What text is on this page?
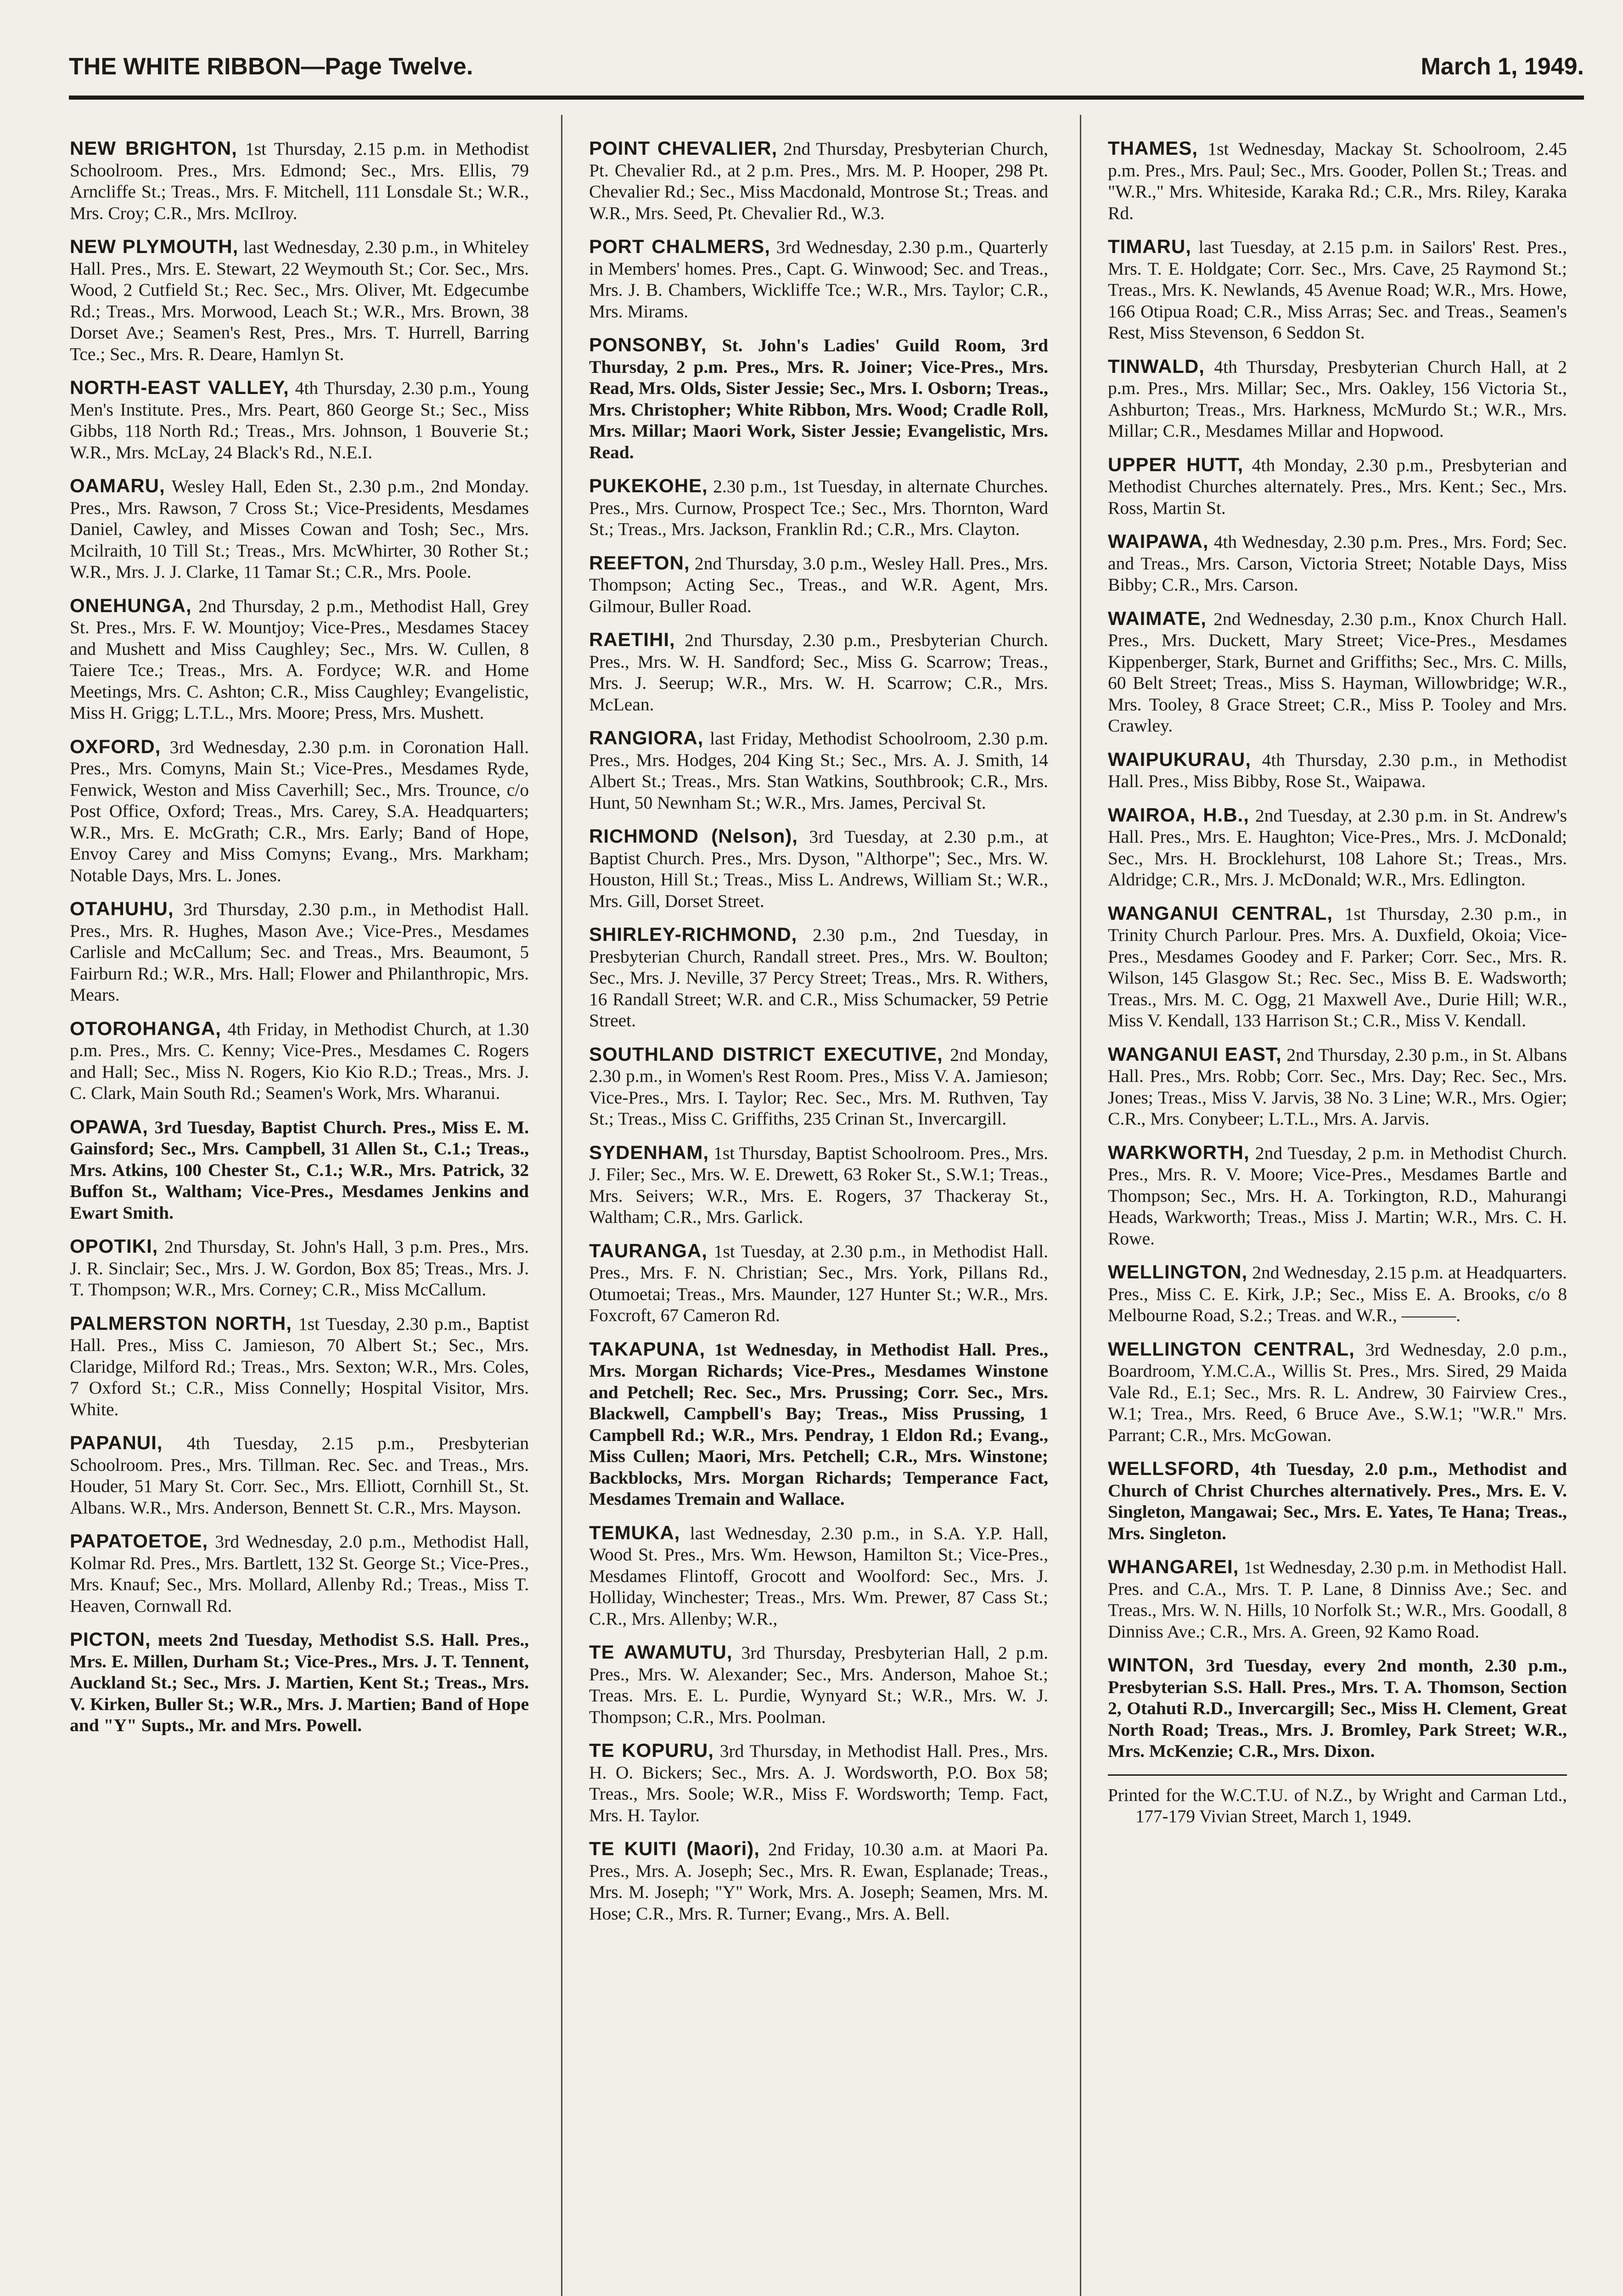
THE WHITE RIBBON—Page Twelve.	March 1, 1949.

NEW BRIGHTON, 1st Thursday, 2.15 p.m. in Methodist Schoolroom. Pres., Mrs. Edmond; Sec., Mrs. Ellis, 79 Arncliffe St.; Treas., Mrs. F. Mitchell, 111 Lonsdale St.; W.R., Mrs. Croy; C.R., Mrs. McIlroy.

NEW PLYMOUTH, last Wednesday, 2.30 p.m., in Whiteley Hall. Pres., Mrs. E. Stewart, 22 Weymouth St.; Cor. Sec., Mrs. Wood, 2 Cutfield St.; Rec. Sec., Mrs. Oliver, Mt. Edgecumbe Rd.; Treas., Mrs. Morwood, Leach St.; W.R., Mrs. Brown, 38 Dorset Ave.; Seamen's Rest, Pres., Mrs. T. Hurrell, Barring Tce.; Sec., Mrs. R. Deare, Hamlyn St.

NORTH-EAST VALLEY, 4th Thursday, 2.30 p.m., Young Men's Institute. Pres., Mrs. Peart, 860 George St.; Sec., Miss Gibbs, 118 North Rd.; Treas., Mrs. Johnson, 1 Bouverie St.; W.R., Mrs. McLay, 24 Black's Rd., N.E.I.

OAMARU, Wesley Hall, Eden St., 2.30 p.m., 2nd Monday. Pres., Mrs. Rawson, 7 Cross St.; Vice-Presidents, Mesdames Daniel, Cawley, and Misses Cowan and Tosh; Sec., Mrs. Mcilraith, 10 Till St.; Treas., Mrs. McWhirter, 30 Rother St.; W.R., Mrs. J. J. Clarke, 11 Tamar St.; C.R., Mrs. Poole.

ONEHUNGA, 2nd Thursday, 2 p.m., Methodist Hall, Grey St. Pres., Mrs. F. W. Mountjoy; Vice-Pres., Mesdames Stacey and Mushett and Miss Caughley; Sec., Mrs. W. Cullen, 8 Taiere Tce.; Treas., Mrs. A. Fordyce; W.R. and Home Meetings, Mrs. C. Ashton; C.R., Miss Caughley; Evangelistic, Miss H. Grigg; L.T.L., Mrs. Moore; Press, Mrs. Mushett.

OXFORD, 3rd Wednesday, 2.30 p.m. in Coronation Hall. Pres., Mrs. Comyns, Main St.; Vice-Pres., Mesdames Ryde, Fenwick, Weston and Miss Caverhill; Sec., Mrs. Trounce, c/o Post Office, Oxford; Treas., Mrs. Carey, S.A. Headquarters; W.R., Mrs. E. McGrath; C.R., Mrs. Early; Band of Hope, Envoy Carey and Miss Comyns; Evang., Mrs. Markham; Notable Days, Mrs. L. Jones.

OTAHUHU, 3rd Thursday, 2.30 p.m., in Methodist Hall. Pres., Mrs. R. Hughes, Mason Ave.; Vice-Pres., Mesdames Carlisle and McCallum; Sec. and Treas., Mrs. Beaumont, 5 Fairburn Rd.; W.R., Mrs. Hall; Flower and Philanthropic, Mrs. Mears.

OTOROHANGA, 4th Friday, in Methodist Church, at 1.30 p.m. Pres., Mrs. C. Kenny; Vice-Pres., Mesdames C. Rogers and Hall; Sec., Miss N. Rogers, Kio Kio R.D.; Treas., Mrs. J. C. Clark, Main South Rd.; Seamen's Work, Mrs. Wharanui.

OPAWA, 3rd Tuesday, Baptist Church. Pres., Miss E. M. Gainsford; Sec., Mrs. Campbell, 31 Allen St., C.1.; Treas., Mrs. Atkins, 100 Chester St., C.1.; W.R., Mrs. Patrick, 32 Buffon St., Waltham; Vice-Pres., Mesdames Jenkins and Ewart Smith.

OPOTIKI, 2nd Thursday, St. John's Hall, 3 p.m. Pres., Mrs. J. R. Sinclair; Sec., Mrs. J. W. Gordon, Box 85; Treas., Mrs. J. T. Thompson; W.R., Mrs. Corney; C.R., Miss McCallum.

PALMERSTON NORTH, 1st Tuesday, 2.30 p.m., Baptist Hall. Pres., Miss C. Jamieson, 70 Albert St.; Sec., Mrs. Claridge, Milford Rd.; Treas., Mrs. Sexton; W.R., Mrs. Coles, 7 Oxford St.; C.R., Miss Connelly; Hospital Visitor, Mrs. White.

PAPANUI, 4th Tuesday, 2.15 p.m., Presbyterian Schoolroom. Pres., Mrs. Tillman. Rec. Sec. and Treas., Mrs. Houder, 51 Mary St. Corr. Sec., Mrs. Elliott, Cornhill St., St. Albans. W.R., Mrs. Anderson, Bennett St. C.R., Mrs. Mayson.

PAPATOETOE, 3rd Wednesday, 2.0 p.m., Methodist Hall, Kolmar Rd. Pres., Mrs. Bartlett, 132 St. George St.; Vice-Pres., Mrs. Knauf; Sec., Mrs. Mollard, Allenby Rd.; Treas., Miss T. Heaven, Cornwall Rd.

PICTON, meets 2nd Tuesday, Methodist S.S. Hall. Pres., Mrs. E. Millen, Durham St.; Vice-Pres., Mrs. J. T. Tennent, Auckland St.; Sec., Mrs. J. Martien, Kent St.; Treas., Mrs. V. Kirken, Buller St.; W.R., Mrs. J. Martien; Band of Hope and "Y" Supts., Mr. and Mrs. Powell.

POINT CHEVALIER, 2nd Thursday, Presbyterian Church, Pt. Chevalier Rd., at 2 p.m. Pres., Mrs. M. P. Hooper, 298 Pt. Chevalier Rd.; Sec., Miss Macdonald, Montrose St.; Treas. and W.R., Mrs. Seed, Pt. Chevalier Rd., W.3.

PORT CHALMERS, 3rd Wednesday, 2.30 p.m., Quarterly in Members' homes. Pres., Capt. G. Winwood; Sec. and Treas., Mrs. J. B. Chambers, Wickliffe Tce.; W.R., Mrs. Taylor; C.R., Mrs. Mirams.

PONSONBY, St. John's Ladies' Guild Room, 3rd Thursday, 2 p.m. Pres., Mrs. R. Joiner; Vice-Pres., Mrs. Read, Mrs. Olds, Sister Jessie; Sec., Mrs. I. Osborn; Treas., Mrs. Christopher; White Ribbon, Mrs. Wood; Cradle Roll, Mrs. Millar; Maori Work, Sister Jessie; Evangelistic, Mrs. Read.

PUKEKOHE, 2.30 p.m., 1st Tuesday, in alternate Churches. Pres., Mrs. Curnow, Prospect Tce.; Sec., Mrs. Thornton, Ward St.; Treas., Mrs. Jackson, Franklin Rd.; C.R., Mrs. Clayton.

REEFTON, 2nd Thursday, 3.0 p.m., Wesley Hall. Pres., Mrs. Thompson; Acting Sec., Treas., and W.R. Agent, Mrs. Gilmour, Buller Road.

RAETIHI, 2nd Thursday, 2.30 p.m., Presbyterian Church. Pres., Mrs. W. H. Sandford; Sec., Miss G. Scarrow; Treas., Mrs. J. Seerup; W.R., Mrs. W. H. Scarrow; C.R., Mrs. McLean.

RANGIORA, last Friday, Methodist Schoolroom, 2.30 p.m. Pres., Mrs. Hodges, 204 King St.; Sec., Mrs. A. J. Smith, 14 Albert St.; Treas., Mrs. Stan Watkins, Southbrook; C.R., Mrs. Hunt, 50 Newnham St.; W.R., Mrs. James, Percival St.

RICHMOND (Nelson), 3rd Tuesday, at 2.30 p.m., at Baptist Church. Pres., Mrs. Dyson, "Althorpe"; Sec., Mrs. W. Houston, Hill St.; Treas., Miss L. Andrews, William St.; W.R., Mrs. Gill, Dorset Street.

SHIRLEY-RICHMOND, 2.30 p.m., 2nd Tuesday, in Presbyterian Church, Randall street. Pres., Mrs. W. Boulton; Sec., Mrs. J. Neville, 37 Percy Street; Treas., Mrs. R. Withers, 16 Randall Street; W.R. and C.R., Miss Schumacker, 59 Petrie Street.

SOUTHLAND DISTRICT EXECUTIVE, 2nd Monday, 2.30 p.m., in Women's Rest Room. Pres., Miss V. A. Jamieson; Vice-Pres., Mrs. I. Taylor; Rec. Sec., Mrs. M. Ruthven, Tay St.; Treas., Miss C. Griffiths, 235 Crinan St., Invercargill.

SYDENHAM, 1st Thursday, Baptist Schoolroom. Pres., Mrs. J. Filer; Sec., Mrs. W. E. Drewett, 63 Roker St., S.W.1; Treas., Mrs. Seivers; W.R., Mrs. E. Rogers, 37 Thackeray St., Waltham; C.R., Mrs. Garlick.

TAURANGA, 1st Tuesday, at 2.30 p.m., in Methodist Hall. Pres., Mrs. F. N. Christian; Sec., Mrs. York, Pillans Rd., Otumoetai; Treas., Mrs. Maunder, 127 Hunter St.; W.R., Mrs. Foxcroft, 67 Cameron Rd.

TAKAPUNA, 1st Wednesday, in Methodist Hall. Pres., Mrs. Morgan Richards; Vice-Pres., Mesdames Winstone and Petchell; Rec. Sec., Mrs. Prussing; Corr. Sec., Mrs. Blackwell, Campbell's Bay; Treas., Miss Prussing, 1 Campbell Rd.; W.R., Mrs. Pendray, 1 Eldon Rd.; Evang., Miss Cullen; Maori, Mrs. Petchell; C.R., Mrs. Winstone; Backblocks, Mrs. Morgan Richards; Temperance Fact, Mesdames Tremain and Wallace.

TEMUKA, last Wednesday, 2.30 p.m., in S.A. Y.P. Hall, Wood St. Pres., Mrs. Wm. Hewson, Hamilton St.; Vice-Pres., Mesdames Flintoff, Grocott and Woolford: Sec., Mrs. J. Holliday, Winchester; Treas., Mrs. Wm. Prewer, 87 Cass St.; C.R., Mrs. Allenby; W.R.,

TE AWAMUTU, 3rd Thursday, Presbyterian Hall, 2 p.m. Pres., Mrs. W. Alexander; Sec., Mrs. Anderson, Mahoe St.; Treas. Mrs. E. L. Purdie, Wynyard St.; W.R., Mrs. W. J. Thompson; C.R., Mrs. Poolman.

TE KOPURU, 3rd Thursday, in Methodist Hall. Pres., Mrs. H. O. Bickers; Sec., Mrs. A. J. Wordsworth, P.O. Box 58; Treas., Mrs. Soole; W.R., Miss F. Wordsworth; Temp. Fact, Mrs. H. Taylor.

TE KUITI (Maori), 2nd Friday, 10.30 a.m. at Maori Pa. Pres., Mrs. A. Joseph; Sec., Mrs. R. Ewan, Esplanade; Treas., Mrs. M. Joseph; "Y" Work, Mrs. A. Joseph; Seamen, Mrs. M. Hose; C.R., Mrs. R. Turner; Evang., Mrs. A. Bell.

THAMES, 1st Wednesday, Mackay St. Schoolroom, 2.45 p.m. Pres., Mrs. Paul; Sec., Mrs. Gooder, Pollen St.; Treas. and "W.R.," Mrs. Whiteside, Karaka Rd.; C.R., Mrs. Riley, Karaka Rd.

TIMARU, last Tuesday, at 2.15 p.m. in Sailors' Rest. Pres., Mrs. T. E. Holdgate; Corr. Sec., Mrs. Cave, 25 Raymond St.; Treas., Mrs. K. Newlands, 45 Avenue Road; W.R., Mrs. Howe, 166 Otipua Road; C.R., Miss Arras; Sec. and Treas., Seamen's Rest, Miss Stevenson, 6 Seddon St.

TINWALD, 4th Thursday, Presbyterian Church Hall, at 2 p.m. Pres., Mrs. Millar; Sec., Mrs. Oakley, 156 Victoria St., Ashburton; Treas., Mrs. Harkness, McMurdo St.; W.R., Mrs. Millar; C.R., Mesdames Millar and Hopwood.

UPPER HUTT, 4th Monday, 2.30 p.m., Presbyterian and Methodist Churches alternately. Pres., Mrs. Kent.; Sec., Mrs. Ross, Martin St.

WAIPAWA, 4th Wednesday, 2.30 p.m. Pres., Mrs. Ford; Sec. and Treas., Mrs. Carson, Victoria Street; Notable Days, Miss Bibby; C.R., Mrs. Carson.

WAIMATE, 2nd Wednesday, 2.30 p.m., Knox Church Hall. Pres., Mrs. Duckett, Mary Street; Vice-Pres., Mesdames Kippenberger, Stark, Burnet and Griffiths; Sec., Mrs. C. Mills, 60 Belt Street; Treas., Miss S. Hayman, Willowbridge; W.R., Mrs. Tooley, 8 Grace Street; C.R., Miss P. Tooley and Mrs. Crawley.

WAIPUKURAU, 4th Thursday, 2.30 p.m., in Methodist Hall. Pres., Miss Bibby, Rose St., Waipawa.

WAIROA, H.B., 2nd Tuesday, at 2.30 p.m. in St. Andrew's Hall. Pres., Mrs. E. Haughton; Vice-Pres., Mrs. J. McDonald; Sec., Mrs. H. Brocklehurst, 108 Lahore St.; Treas., Mrs. Aldridge; C.R., Mrs. J. McDonald; W.R., Mrs. Edlington.

WANGANUI CENTRAL, 1st Thursday, 2.30 p.m., in Trinity Church Parlour. Pres. Mrs. A. Duxfield, Okoia; Vice-Pres., Mesdames Goodey and F. Parker; Corr. Sec., Mrs. R. Wilson, 145 Glasgow St.; Rec. Sec., Miss B. E. Wadsworth; Treas., Mrs. M. C. Ogg, 21 Maxwell Ave., Durie Hill; W.R., Miss V. Kendall, 133 Harrison St.; C.R., Miss V. Kendall.

WANGANUI EAST, 2nd Thursday, 2.30 p.m., in St. Albans Hall. Pres., Mrs. Robb; Corr. Sec., Mrs. Day; Rec. Sec., Mrs. Jones; Treas., Miss V. Jarvis, 38 No. 3 Line; W.R., Mrs. Ogier; C.R., Mrs. Conybeer; L.T.L., Mrs. A. Jarvis.

WARKWORTH, 2nd Tuesday, 2 p.m. in Methodist Church. Pres., Mrs. R. V. Moore; Vice-Pres., Mesdames Bartle and Thompson; Sec., Mrs. H. A. Torkington, R.D., Mahurangi Heads, Warkworth; Treas., Miss J. Martin; W.R., Mrs. C. H. Rowe.

WELLINGTON, 2nd Wednesday, 2.15 p.m. at Headquarters. Pres., Miss C. E. Kirk, J.P.; Sec., Miss E. A. Brooks, c/o 8 Melbourne Road, S.2.; Treas. and W.R., ———.

WELLINGTON CENTRAL, 3rd Wednesday, 2.0 p.m., Boardroom, Y.M.C.A., Willis St. Pres., Mrs. Sired, 29 Maida Vale Rd., E.1; Sec., Mrs. R. L. Andrew, 30 Fairview Cres., W.1; Trea., Mrs. Reed, 6 Bruce Ave., S.W.1; "W.R." Mrs. Parrant; C.R., Mrs. McGowan.

WELLSFORD, 4th Tuesday, 2.0 p.m., Methodist and Church of Christ Churches alternatively. Pres., Mrs. E. V. Singleton, Mangawai; Sec., Mrs. E. Yates, Te Hana; Treas., Mrs. Singleton.

WHANGAREI, 1st Wednesday, 2.30 p.m. in Methodist Hall. Pres. and C.A., Mrs. T. P. Lane, 8 Dinniss Ave.; Sec. and Treas., Mrs. W. N. Hills, 10 Norfolk St.; W.R., Mrs. Goodall, 8 Dinniss Ave.; C.R., Mrs. A. Green, 92 Kamo Road.

WINTON, 3rd Tuesday, every 2nd month, 2.30 p.m., Presbyterian S.S. Hall. Pres., Mrs. T. A. Thomson, Section 2, Otahuti R.D., Invercargill; Sec., Miss H. Clement, Great North Road; Treas., Mrs. J. Bromley, Park Street; W.R., Mrs. McKenzie; C.R., Mrs. Dixon.

Printed for the W.C.T.U. of N.Z., by Wright and Carman Ltd., 177-179 Vivian Street, March 1, 1949.
